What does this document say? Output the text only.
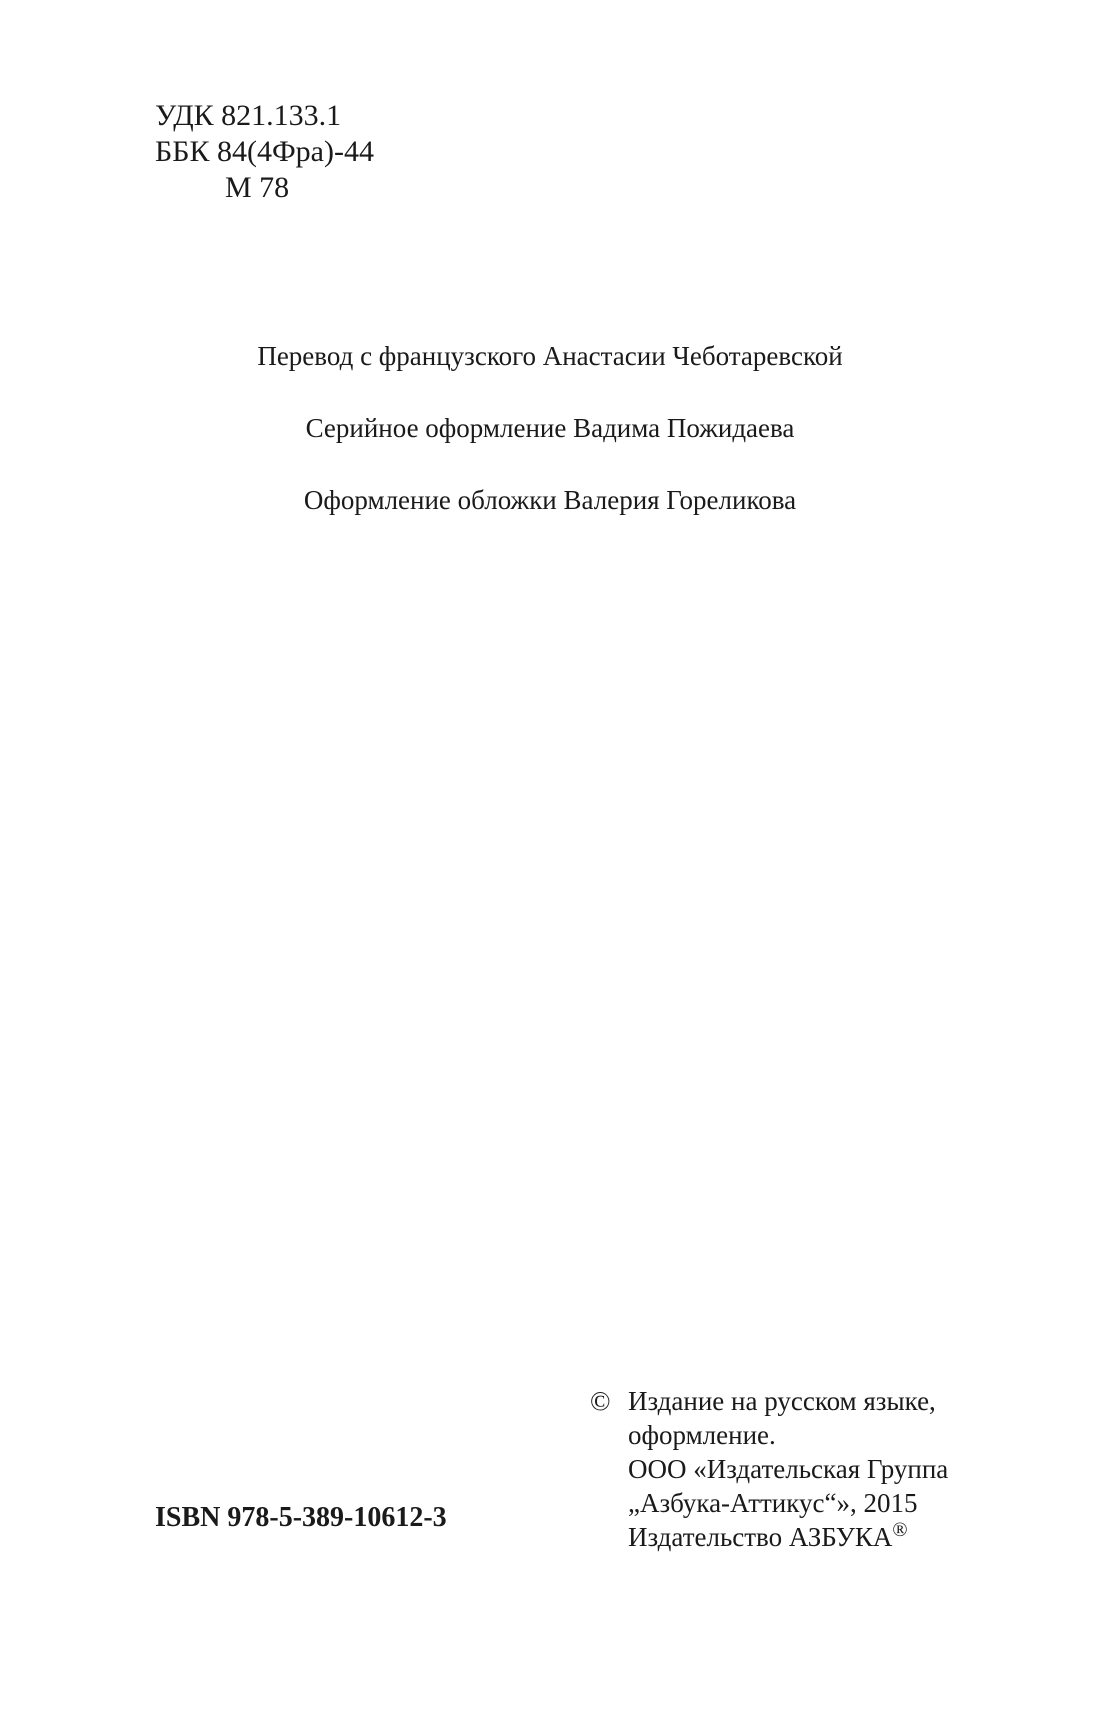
УДК 821.133.1
ББК 84(4Фра)-44
М 78
Перевод с французского Анастасии Чеботаревской
Серийное оформление Вадима Пожидаева
Оформление обложки Валерия Гореликова
ISBN 978-5-389-10612-3
© Издание на русском языке,
оформление.
ООО «Издательская Группа
„Азбука-Аттикус“», 2015
Издательство АЗБУКА®
